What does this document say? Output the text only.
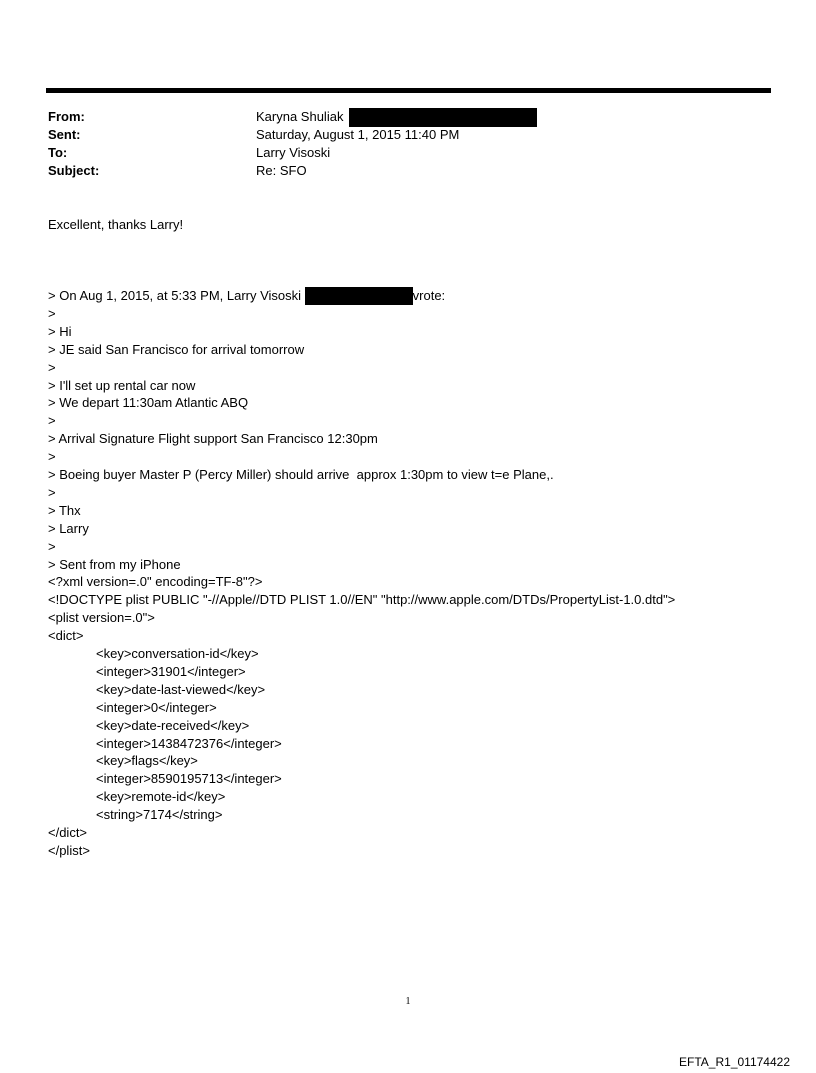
From:	Karyna Shuliak
Sent:	Saturday, August 1, 2015 11:40 PM
To:	Larry Visoski
Subject:	Re: SFO
Excellent, thanks Larry!
> On Aug 1, 2015, at 5:33 PM, Larry Visoski	vrote:
>
> Hi
> JE said San Francisco for arrival tomorrow
>
> I'll set up rental car now
> We depart 11:30am Atlantic ABQ
>
> Arrival Signature Flight support San Francisco 12:30pm
>
> Boeing buyer Master P (Percy Miller) should arrive  approx 1:30pm to view t=e Plane,.
>
> Thx
> Larry
>
> Sent from my iPhone
<?xml version=.0" encoding=TF-8"?>
<!DOCTYPE plist PUBLIC "-//Apple//DTD PLIST 1.0//EN" "http://www.apple.com/DTDs/PropertyList-1.0.dtd">
<plist version=.0">
<dict>
<key>conversation-id</key>
<integer>31901</integer>
<key>date-last-viewed</key>
<integer>0</integer>
<key>date-received</key>
<integer>1438472376</integer>
<key>flags</key>
<integer>8590195713</integer>
<key>remote-id</key>
<string>7174</string>
</dict>
</plist>
1
EFTA_R1_01174422
